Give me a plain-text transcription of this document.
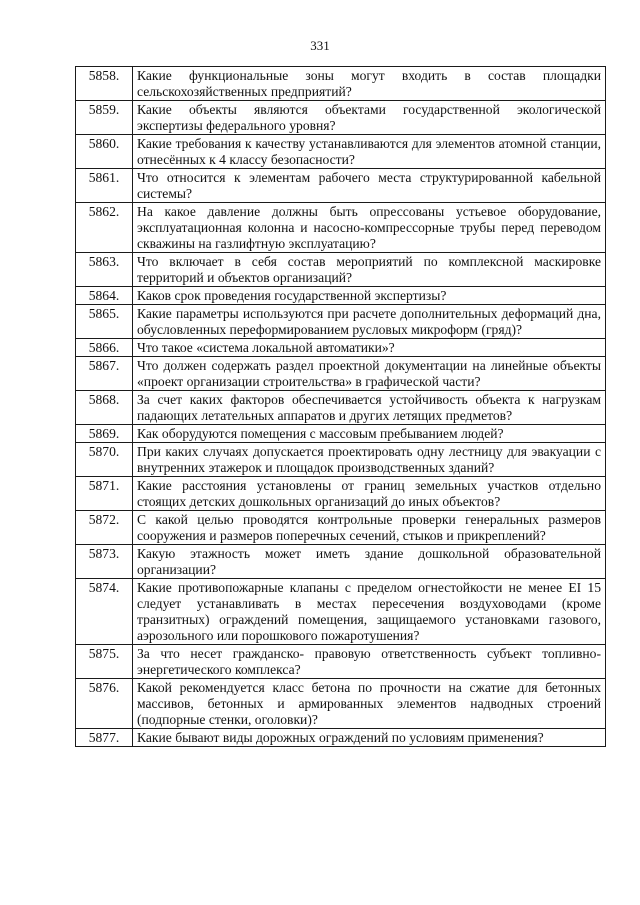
331
5858.	Какие функциональные зоны могут входить в состав площадки сельскохозяйственных предприятий?
5859.	Какие объекты являются объектами государственной экологической экспертизы федерального уровня?
5860.	Какие требования к качеству устанавливаются для элементов атомной станции, отнесённых к 4 классу безопасности?
5861.	Что относится к элементам рабочего места структурированной кабельной системы?
5862.	На какое давление должны быть опрессованы устьевое оборудование, эксплуатационная колонна и насосно-компрессорные трубы перед переводом скважины на газлифтную эксплуатацию?
5863.	Что включает в себя состав мероприятий по комплексной маскировке территорий и объектов организаций?
5864.	Каков срок проведения государственной экспертизы?
5865.	Какие параметры используются при расчете дополнительных деформаций дна, обусловленных переформированием русловых микроформ (гряд)?
5866.	Что такое «система локальной автоматики»?
5867.	Что должен содержать раздел проектной документации на линейные объекты «проект организации строительства» в графической части?
5868.	За счет каких факторов обеспечивается устойчивость объекта к нагрузкам падающих летательных аппаратов и других летящих предметов?
5869.	Как оборудуются помещения с массовым пребыванием людей?
5870.	При каких случаях допускается проектировать одну лестницу для эвакуации с внутренних этажерок и площадок производственных зданий?
5871.	Какие расстояния установлены от границ земельных участков отдельно стоящих детских дошкольных организаций до иных объектов?
5872.	С какой целью проводятся контрольные проверки генеральных размеров сооружения и размеров поперечных сечений, стыков и прикреплений?
5873.	Какую этажность может иметь здание дошкольной образовательной организации?
5874.	Какие противопожарные клапаны с пределом огнестойкости не менее EI 15 следует устанавливать в местах пересечения воздуховодами (кроме транзитных) ограждений помещения, защищаемого установками газового, аэрозольного или порошкового пожаротушения?
5875.	За что несет гражданско- правовую ответственность субъект топливно-энергетического комплекса?
5876.	Какой рекомендуется класс бетона по прочности на сжатие для бетонных массивов, бетонных и армированных элементов надводных строений (подпорные стенки, оголовки)?
5877.	Какие бывают виды дорожных ограждений по условиям применения?
